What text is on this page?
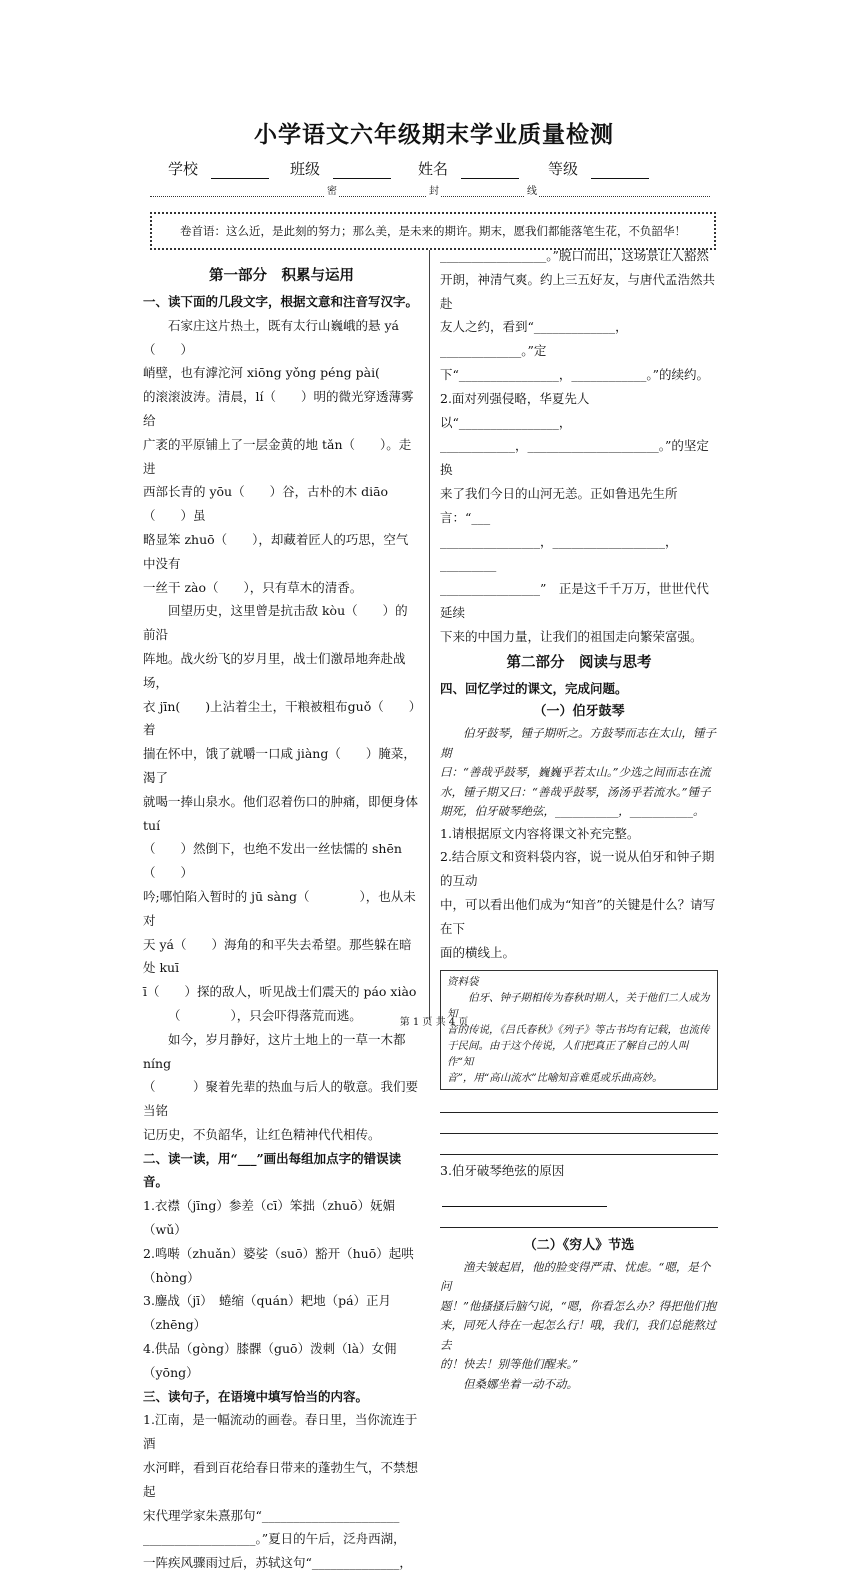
小学语文六年级期末学业质量检测
学校	班级	姓名	等级
密	封	线
卷首语：这么近，是此刻的努力；那么美，是未来的期许。期末，愿我们都能落笔生花，不负韶华！
第一部分　积累与运用

一、读下面的几段文字，根据文意和注音写汉字。

石家庄这片热土，既有太行山巍峨的悬 yá（　　）

峭壁，也有滹沱河 xiōng yǒng péng pài(　　　　　

的滚滚波涛。清晨，lí（　　）明的微光穿透薄雾给

广袤的平原铺上了一层金黄的地 tǎn（　　）。走进

西部长青的 yōu（　　）谷，古朴的木 diāo（　　）虽

略显笨 zhuō（　　），却藏着匠人的巧思，空气中没有

一丝干 zào（　　），只有草木的清香。

回望历史，这里曾是抗击敌 kòu（　　）的前沿

阵地。战火纷飞的岁月里，战士们激昂地奔赴战场，

衣 jīn(　　)上沾着尘土，干粮被粗布guǒ（　　）着

揣在怀中，饿了就嚼一口咸 jiàng（　　）腌菜，渴了

就喝一捧山泉水。他们忍着伤口的肿痛，即便身体 tuí

（　　）然倒下，也绝不发出一丝怯懦的 shēn（　　）

吟;哪怕陷入暂时的 jū sàng（　　　　），也从未对

天 yá（　　）海角的和平失去希望。那些躲在暗处 kuī

ī（　　）探的敌人，听见战士们震天的 páo xiào

（　　　　），只会吓得落荒而逃。

如今，岁月静好，这片土地上的一草一木都 níng

（　　　）聚着先辈的热血与后人的敬意。我们要当铭

记历史，不负韶华，让红色精神代代相传。

二、读一读，用“___”画出每组加点字的错误读音。

1.衣襟（jīng）参差（cī）笨拙（zhuō）妩媚（wǔ）

2.鸣啭（zhuǎn）婆娑（suō）豁开（huō）起哄（hòng）

3.鏖战（jī）　蜷缩（quán）耙地（pá）正月（zhēng）

4.供品（gòng）膝髁（guō）泼刺（là）女佣（yōng）

三、读句子，在语境中填写恰当的内容。

1.江南，是一幅流动的画卷。春日里，当你流连于酒

水河畔，看到百花给春日带来的蓬勃生气，不禁想起

宋代理学家朱熹那句“______________________

__________________。”夏日的午后，泛舟西湖，

一阵疾风骤雨过后，苏轼这句“______________，

_________________。”脱口而出，这场景让人豁然

开朗，神清气爽。约上三五好友，与唐代孟浩然共赴

友人之约，看到“_____________，_____________。”定

下“________________，____________。”的续约。

2.面对列强侵略，华夏先人以“________________，

____________，_____________________。”的坚定换

来了我们今日的山河无恙。正如鲁迅先生所言：“___

________________，__________________，_________

________________”　正是这千千万万，世世代代延续

下来的中国力量，让我们的祖国走向繁荣富强。

第二部分　阅读与思考

四、回忆学过的课文，完成问题。

（一）伯牙鼓琴

伯牙鼓琴，锺子期听之。方鼓琴而志在太山，锺子期

曰：“善哉乎鼓琴，巍巍乎若太山。”少选之间而志在流

水，锺子期又曰：“善哉乎鼓琴，汤汤乎若流水。”锺子

期死，伯牙破琴绝弦，___________，___________。

1.请根据原文内容将课文补充完整。

2.结合原文和资料袋内容，说一说从伯牙和钟子期的互动

中，可以看出他们成为“知音”的关键是什么？请写在下

面的横线上。

资料袋
伯牙、钟子期相传为春秋时期人，关于他们二人成为知
音的传说，《吕氏春秋》《列子》等古书均有记载，也流传
于民间。由于这个传说，人们把真正了解自己的人叫作“知
音”，用“高山流水”比喻知音难觅或乐曲高妙。

3.伯牙破琴绝弦的原因

（二）《穷人》节选

渔夫皱起眉，他的脸变得严肃、忧虑。“嗯，是个问

题！”他搔搔后脑勺说，“嗯，你看怎么办？得把他们抱

来，同死人待在一起怎么行！哦，我们，我们总能熬过去

的！快去！别等他们醒来。”

但桑娜坐着一动不动。

第 1 页 共 4 页
